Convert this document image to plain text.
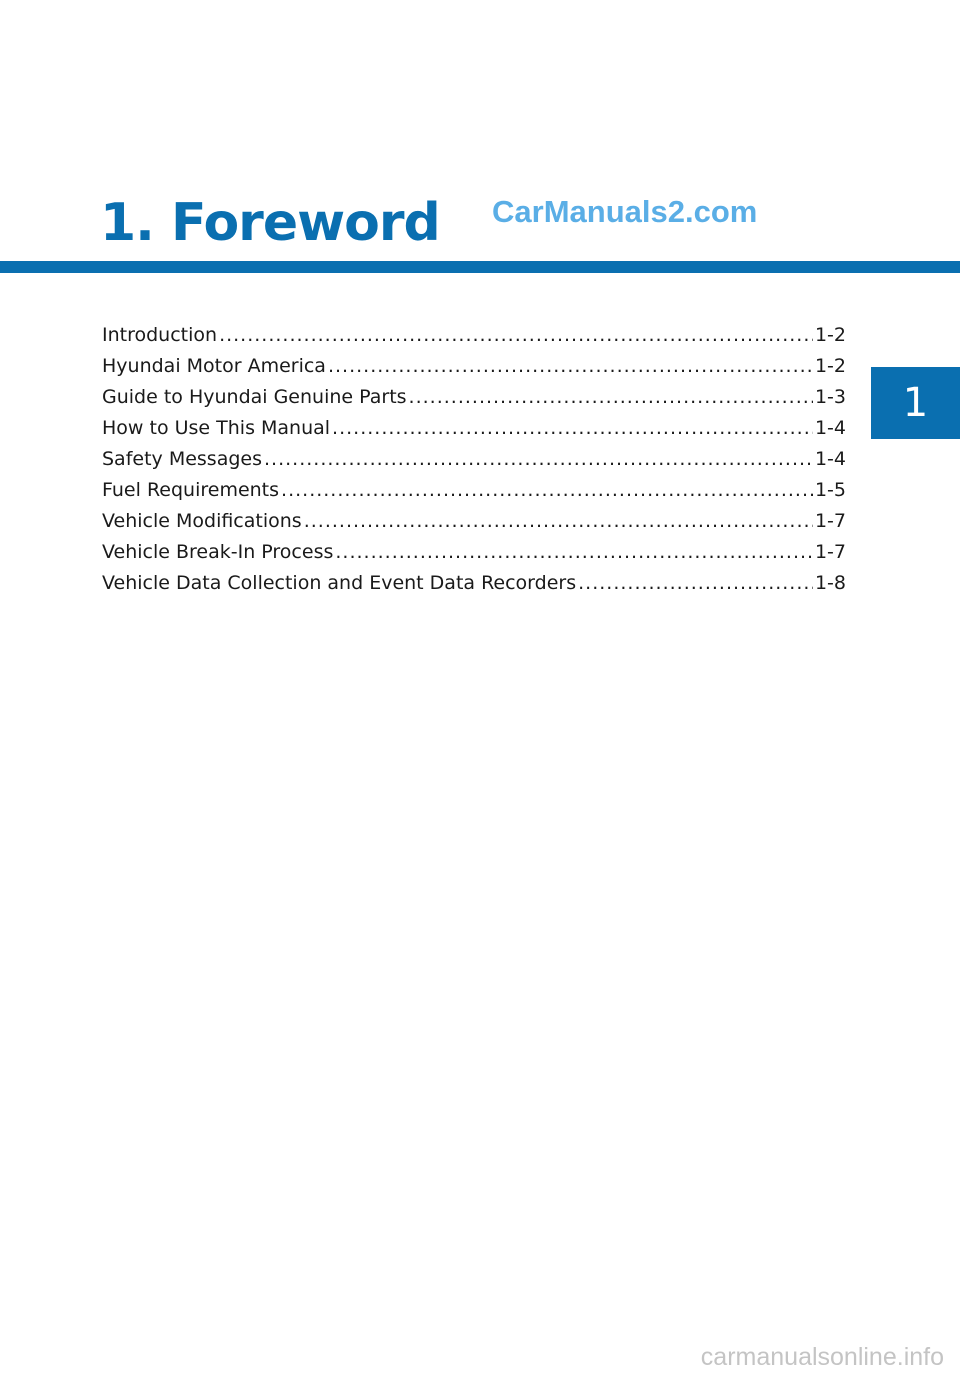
1. Foreword CarManuals2.com
Introduction .....	1-2
Hyundai Motor America .....	1-2
Guide to Hyundai Genuine Parts .....	1-3
How to Use This Manual .....	1-4
Safety Messages .....	1-4
Fuel Requirements .....	1-5
Vehicle Modifications .....	1-7
Vehicle Break-In Process .....	1-7
Vehicle Data Collection and Event Data Recorders .....	1-8
1
carmanualsonline.info
